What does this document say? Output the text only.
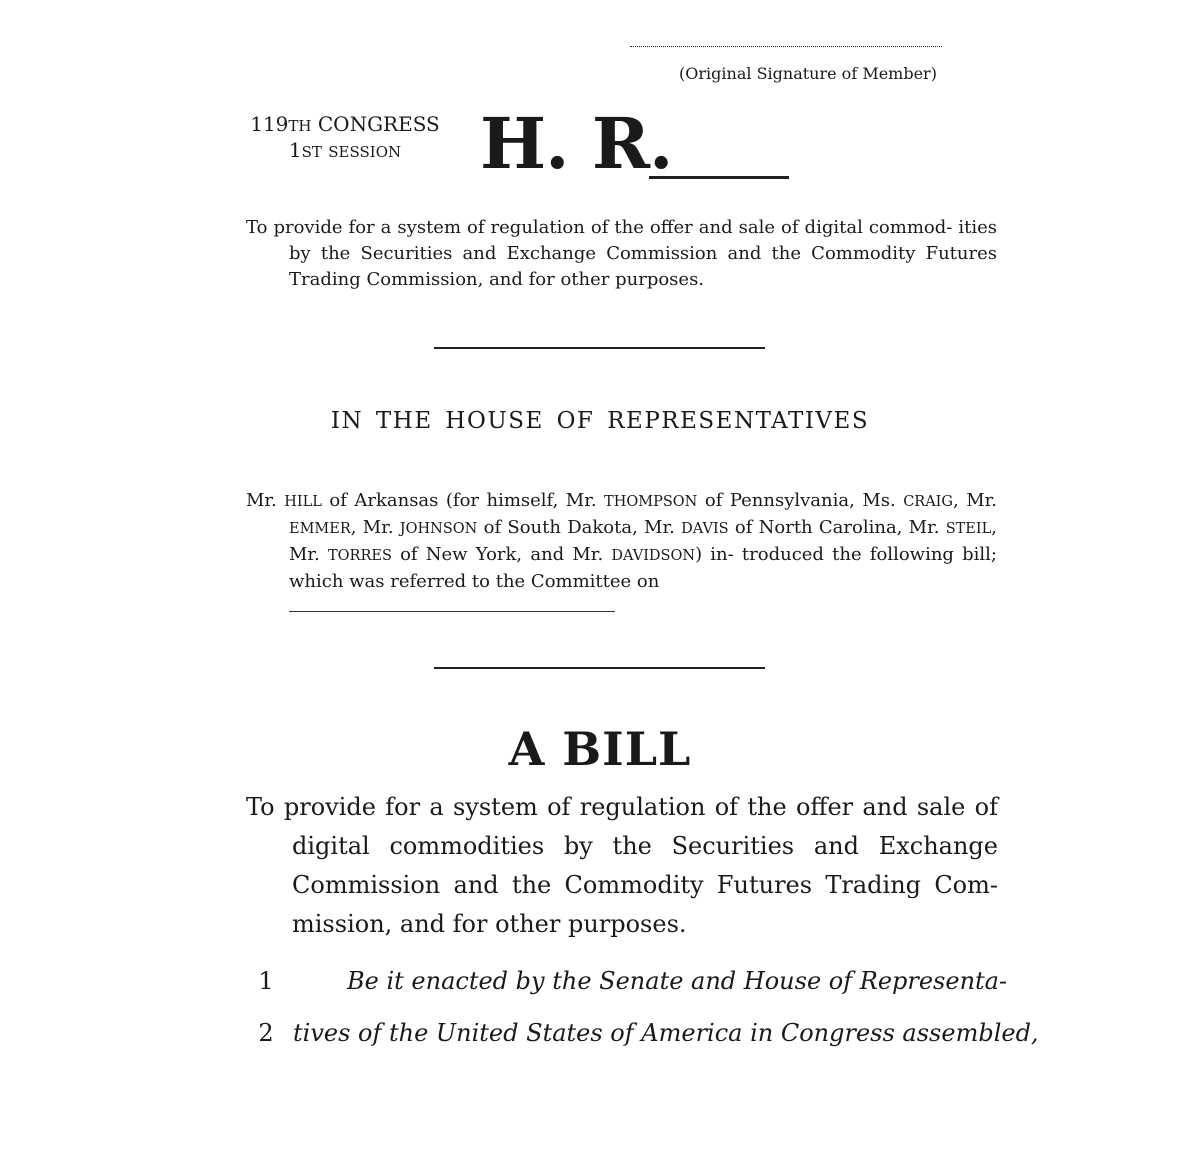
(Original Signature of Member)
119TH CONGRESS
1ST SESSION	H. R.
To provide for a system of regulation of the offer and sale of digital commod- ities by the Securities and Exchange Commission and the Commodity Futures Trading Commission, and for other purposes.
IN THE HOUSE OF REPRESENTATIVES
Mr. HILL of Arkansas (for himself, Mr. THOMPSON of Pennsylvania, Ms. CRAIG, Mr. EMMER, Mr. JOHNSON of South Dakota, Mr. DAVIS of North Carolina, Mr. STEIL, Mr. TORRES of New York, and Mr. DAVIDSON) in- troduced the following bill; which was referred to the Committee on
A BILL
To provide for a system of regulation of the offer and sale of digital commodities by the Securities and Exchange Commission and the Commodity Futures Trading Com- mission, and for other purposes.
1	Be it enacted by the Senate and House of Representa-
2 tives of the United States of America in Congress assembled,
